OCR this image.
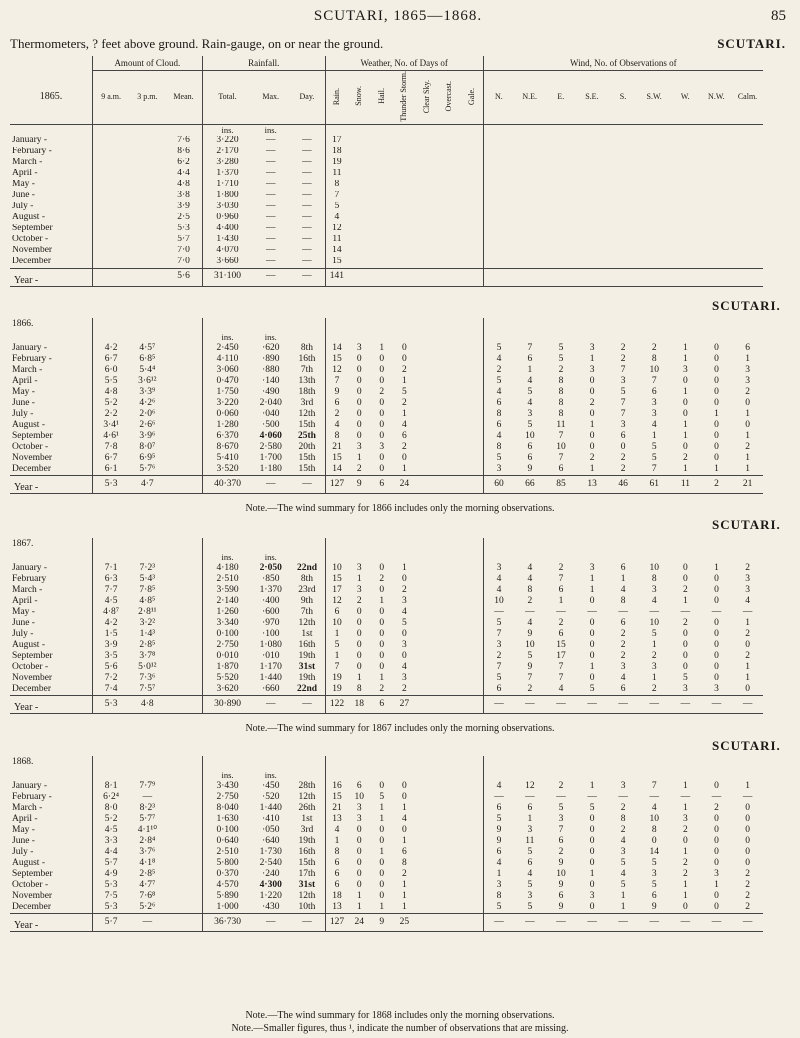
SCUTARI, 1865—1868.	85
Thermometers, ? feet above ground. Rain-gauge, on or near the ground.	SCUTARI.
	Amount of Cloud.			Rainfall.			Weather, No. of Days of							Wind, No. of Observations of								
1865.	9 a.m.	3 p.m.	Mean.	Total.	Max.	Day.	Rain.	Snow.	Hail.	Thunder Storm.	Clear Sky.	Overcast.	Gale.	N.	N.E.	E.	S.E.	S.	S.W.	W.	N.W.	Calm.
				ins.	ins.																	
January -			7·6	3·220	—	—	17															
February -			8·6	2·170	—	—	18															
March -			6·2	3·280	—	—	19															
April -			4·4	1·370	—	—	11															
May -			4·8	1·710	—	—	8															
June -			3·8	1·800	—	—	7															
July -			3·9	3·030	—	—	5															
August -			2·5	0·960	—	—	4															
September			5·3	4·400	—	—	12															
October -			5·7	1·430	—	—	11															
November			7·0	4·070	—	—	14															
December			7·0	3·660	—	—	15															
Year -			5·6	31·100	—	—	141															
1866.																						
				ins.	ins.																	
January -	4·2	4·5⁷		2·450	·620	8th	14	3	1	0				5	7	5	3	2	2	1	0	6
February -	6·7	6·8⁵		4·110	·890	16th	15	0	0	0				4	6	5	1	2	8	1	0	1
March -	6·0	5·4⁴		3·060	·880	7th	12	0	0	2				2	1	2	3	7	10	3	0	3
April -	5·5	3·6¹²		0·470	·140	13th	7	0	0	1				5	4	8	0	3	7	0	0	3
May -	4·8	3·3⁹		1·750	·490	18th	9	0	2	5				4	5	8	0	5	6	1	0	2
June -	5·2	4·2⁶		3·220	2·040	3rd	6	0	0	2				6	4	8	2	7	3	0	0	0
July -	2·2	2·0⁶		0·060	·040	12th	2	0	0	1				8	3	8	0	7	3	0	1	1
August -	3·4¹	2·6⁶		1·280	·500	15th	4	0	0	4				6	5	11	1	3	4	1	0	0
September	4·6¹	3·9⁶		6·370	4·060	25th	8	0	0	6				4	10	7	0	6	1	1	0	1
October -	7·8	8·0⁷		8·670	2·580	20th	21	3	3	2				8	6	10	0	0	5	0	0	2
November	6·7	6·9⁵		5·410	1·700	15th	15	1	0	0				5	6	7	2	2	5	2	0	1
December	6·1	5·7⁶		3·520	1·180	15th	14	2	0	1				3	9	6	1	2	7	1	1	1
Year -	5·3	4·7		40·370	—	—	127	9	6	24				60	66	85	13	46	61	11	2	21
Note.—The wind summary for 1866 includes only the morning observations.
1867.																						
				ins.	ins.																	
January -	7·1	7·2³		4·180	2·050	22nd	10	3	0	1				3	4	2	3	6	10	0	1	2
February	6·3	5·4³		2·510	·850	8th	15	1	2	0				4	4	7	1	1	8	0	0	3
March -	7·7	7·8⁵		3·590	1·370	23rd	17	3	0	2				4	8	6	1	4	3	2	0	3
April -	4·5	4·8⁵		2·140	·400	9th	12	2	1	3				10	2	1	0	8	4	1	0	4
May -	4·8⁷	2·8¹¹		1·260	·600	7th	6	0	0	4				—	—	—	—	—	—	—	—	—
June -	4·2	3·2²		3·340	·970	12th	10	0	0	5				5	4	2	0	6	10	2	0	1
July -	1·5	1·4³		0·100	·100	1st	1	0	0	0				7	9	6	0	2	5	0	0	2
August -	3·9	2·8⁵		2·750	1·080	16th	5	0	0	3				3	10	15	0	2	1	0	0	0
September	3·5	3·7⁸		0·010	·010	19th	1	0	0	0				2	5	17	0	2	2	0	0	2
October -	5·6	5·0¹²		1·870	1·170	31st	7	0	0	4				7	9	7	1	3	3	0	0	1
November	7·2	7·3⁶		5·520	1·440	19th	19	1	1	3				5	7	7	0	4	1	5	0	1
December	7·4	7·5⁷		3·620	·660	22nd	19	8	2	2				6	2	4	5	6	2	3	3	0
Year -	5·3	4·8		30·890	—	—	122	18	6	27				—	—	—	—	—	—	—	—	—
Note.—The wind summary for 1867 includes only the morning observations.
1868.																						
				ins.	ins.																	
January -	8·1	7·7⁹		3·430	·450	28th	16	6	0	0				4	12	2	1	3	7	1	0	1
February -	6·2⁴	—		2·750	·520	12th	15	10	5	0				—	—	—	—	—	—	—	—	—
March -	8·0	8·2³		8·040	1·440	26th	21	3	1	1				6	6	5	5	2	4	1	2	0
April -	5·2	5·7⁷		1·630	·410	1st	13	3	1	4				5	1	3	0	8	10	3	0	0
May -	4·5	4·1¹⁰		0·100	·050	3rd	4	0	0	0				9	3	7	0	2	8	2	0	0
June -	3·3	2·8⁴		0·640	·640	19th	1	0	0	1				9	11	6	0	4	0	0	0	0
July -	4·4	3·7⁶		2·510	1·730	16th	8	0	1	6				6	5	2	0	3	14	1	0	0
August -	5·7	4·1⁸		5·800	2·540	15th	6	0	0	8				4	6	9	0	5	5	2	0	0
September	4·9	2·8⁵		0·370	·240	17th	6	0	0	2				1	4	10	1	4	3	2	3	2
October -	5·3	4·7⁷		4·570	4·300	31st	6	0	0	1				3	5	9	0	5	5	1	1	2
November	7·5	7·6⁸		5·890	1·220	12th	18	1	0	1				8	3	6	3	1	6	1	0	2
December	5·3	5·2⁶		1·000	·430	10th	13	1	1	1				5	5	9	0	1	9	0	0	2
Year -	5·7	—		36·730	—	—	127	24	9	25				—	—	—	—	—	—	—	—	—
Note.—The wind summary for 1868 includes only the morning observations.
Note.—Smaller figures, thus ¹, indicate the number of observations that are missing.
SCUTARI.
SCUTARI.
SCUTARI.
